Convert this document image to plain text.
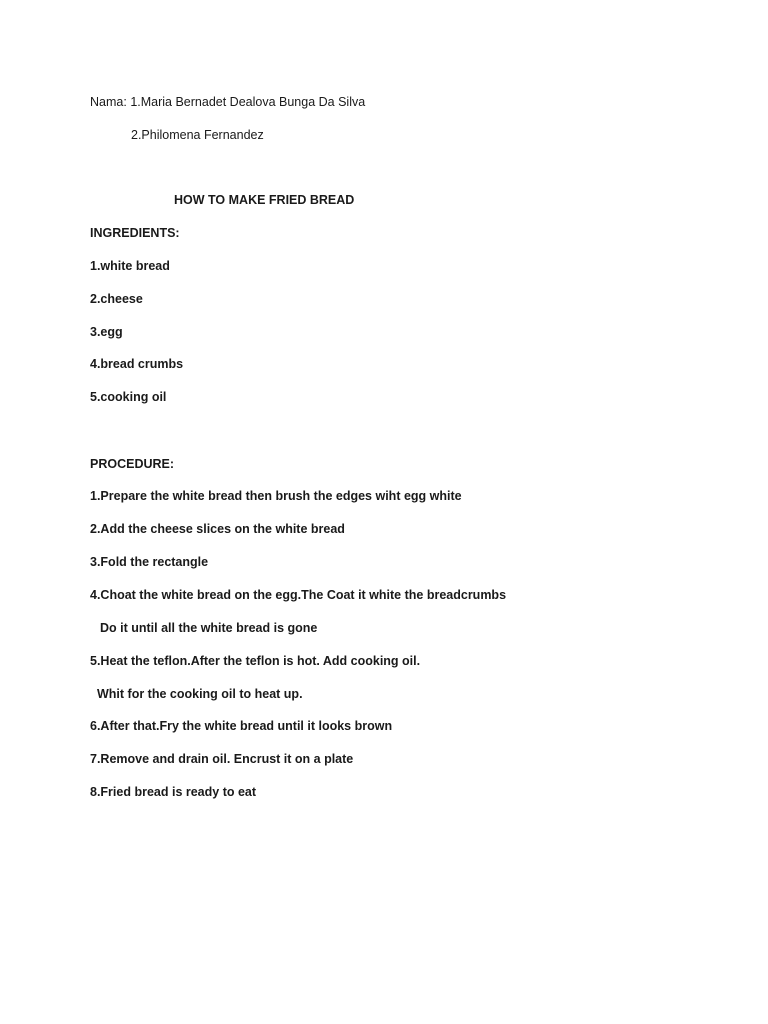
Nama: 1.Maria Bernadet Dealova Bunga Da Silva
2.Philomena Fernandez
HOW TO MAKE FRIED BREAD
INGREDIENTS:
1.white bread
2.cheese
3.egg
4.bread crumbs
5.cooking oil
PROCEDURE:
1.Prepare the white bread then brush the edges wiht egg white
2.Add the cheese slices on the white bread
3.Fold the rectangle
4.Choat the white bread on the egg.The Coat it white the breadcrumbs
Do it until all the white bread is gone
5.Heat the teflon.After the teflon is hot. Add cooking oil.
Whit for the cooking oil to heat up.
6.After that.Fry the white bread until it looks brown
7.Remove and drain oil. Encrust it on a plate
8.Fried bread is ready to eat
